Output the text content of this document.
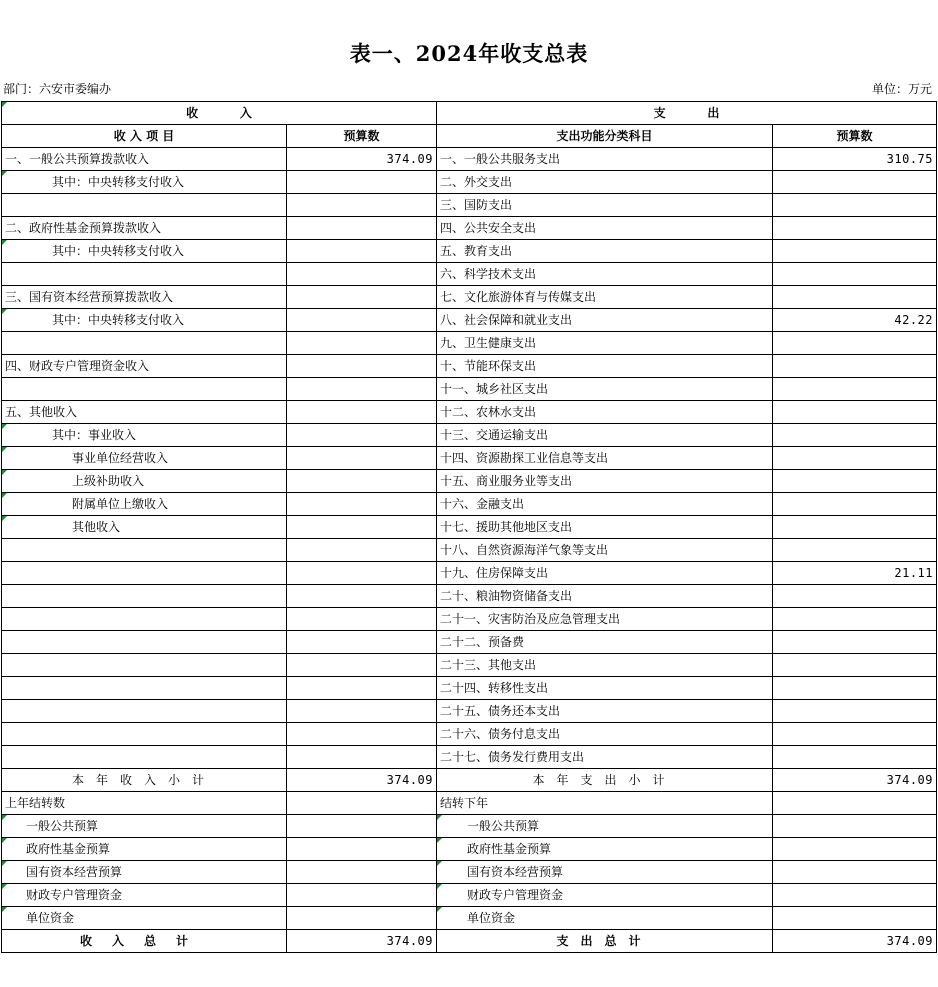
表一、2024年收支总表
部门：六安市委编办	单位：万元
收          入		支          出	
收 入 项 目	预算数	支出功能分类科目	预算数
一、一般公共预算拨款收入	374.09	一、一般公共服务支出	310.75
其中：中央转移支付收入		二、外交支出	
		三、国防支出	
二、政府性基金预算拨款收入		四、公共安全支出	
其中：中央转移支付收入		五、教育支出	
		六、科学技术支出	
三、国有资本经营预算拨款收入		七、文化旅游体育与传媒支出	
其中：中央转移支付收入		八、社会保障和就业支出	42.22
		九、卫生健康支出	
四、财政专户管理资金收入		十、节能环保支出	
		十一、城乡社区支出	
五、其他收入		十二、农林水支出	
其中：事业收入		十三、交通运输支出	
事业单位经营收入		十四、资源勘探工业信息等支出	
上级补助收入		十五、商业服务业等支出	
附属单位上缴收入		十六、金融支出	
其他收入		十七、援助其他地区支出	
		十八、自然资源海洋气象等支出	
		十九、住房保障支出	21.11
		二十、粮油物资储备支出	
		二十一、灾害防治及应急管理支出	
		二十二、预备费	
		二十三、其他支出	
		二十四、转移性支出	
		二十五、债务还本支出	
		二十六、债务付息支出	
		二十七、债务发行费用支出	
本年收入小计	374.09	本年支出小计	374.09
上年结转数		结转下年	
一般公共预算		一般公共预算	
政府性基金预算		政府性基金预算	
国有资本经营预算		国有资本经营预算	
财政专户管理资金		财政专户管理资金	
单位资金		单位资金	
收入总计	374.09	支出总计	374.09
